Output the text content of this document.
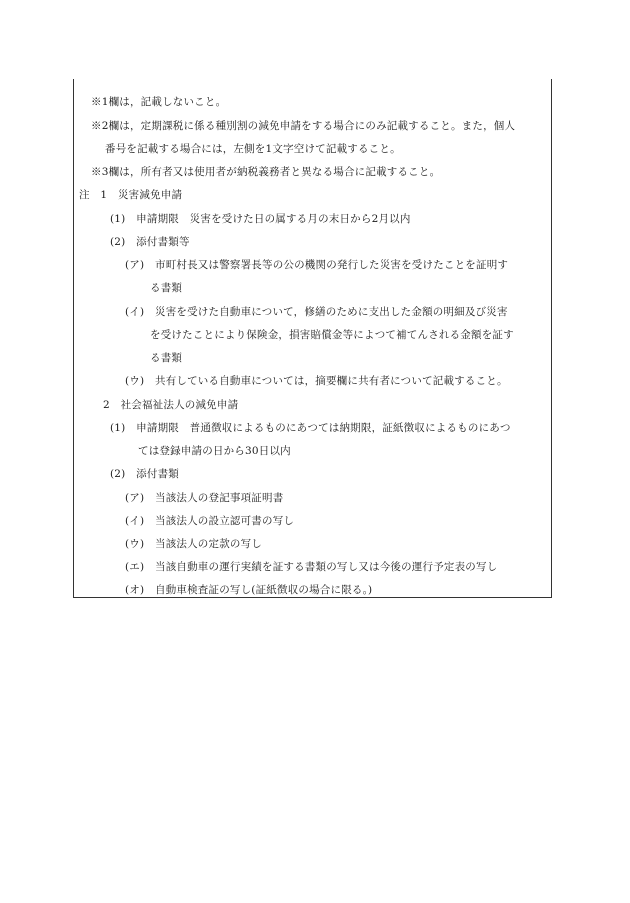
※1欄は，記載しないこと。
※2欄は，定期課税に係る種別割の減免申請をする場合にのみ記載すること。また，個人
番号を記載する場合には，左側を1文字空けて記載すること。
※3欄は，所有者又は使用者が納税義務者と異なる場合に記載すること。
注　1　災害減免申請
(1)　申請期限　災害を受けた日の属する月の末日から2月以内
(2)　添付書類等
(ア)　市町村長又は警察署長等の公の機関の発行した災害を受けたことを証明す
る書類
(イ)　災害を受けた自動車について，修繕のために支出した金額の明細及び災害
を受けたことにより保険金，損害賠償金等によつて補てんされる金額を証す
る書類
(ウ)　共有している自動車については，摘要欄に共有者について記載すること。
2　社会福祉法人の減免申請
(1)　申請期限　普通徴収によるものにあつては納期限，証紙徴収によるものにあつ
ては登録申請の日から30日以内
(2)　添付書類
(ア)　当該法人の登記事項証明書
(イ)　当該法人の設立認可書の写し
(ウ)　当該法人の定款の写し
(エ)　当該自動車の運行実績を証する書類の写し又は今後の運行予定表の写し
(オ)　自動車検査証の写し(証紙徴収の場合に限る。)
